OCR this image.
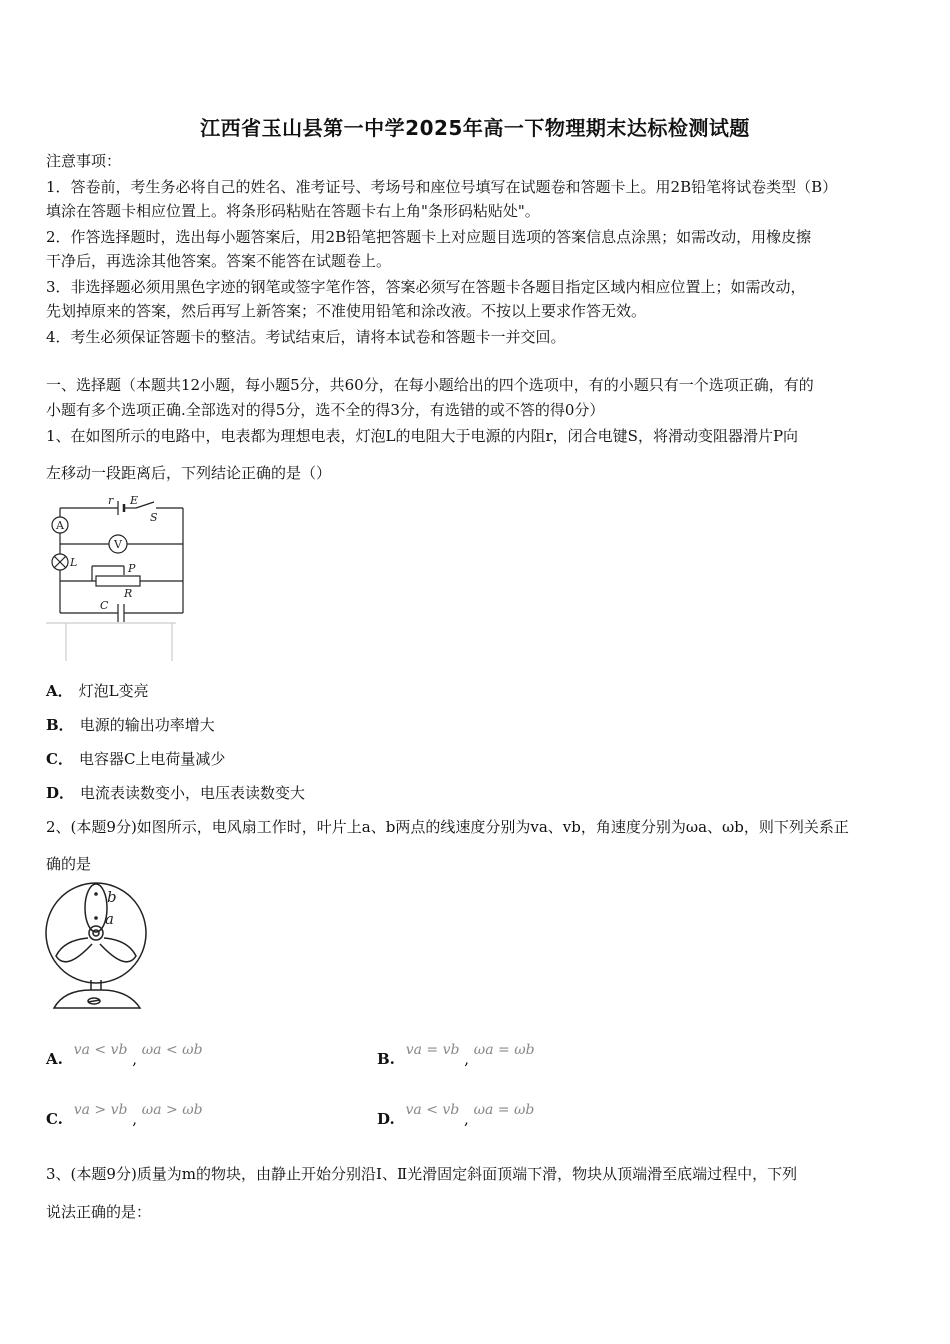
江西省玉山县第一中学2025年高一下物理期末达标检测试题
注意事项：
1．答卷前，考生务必将自己的姓名、准考证号、考场号和座位号填写在试题卷和答题卡上。用2B铅笔将试卷类型（B）
填涂在答题卡相应位置上。将条形码粘贴在答题卡右上角"条形码粘贴处"。
2．作答选择题时，选出每小题答案后，用2B铅笔把答题卡上对应题目选项的答案信息点涂黑；如需改动，用橡皮擦
干净后，再选涂其他答案。答案不能答在试题卷上。
3．非选择题必须用黑色字迹的钢笔或签字笔作答，答案必须写在答题卡各题目指定区域内相应位置上；如需改动，
先划掉原来的答案，然后再写上新答案；不准使用铅笔和涂改液。不按以上要求作答无效。
4．考生必须保证答题卡的整洁。考试结束后，请将本试卷和答题卡一并交回。
一、选择题（本题共12小题，每小题5分，共60分，在每小题给出的四个选项中，有的小题只有一个选项正确，有的
小题有多个选项正确.全部选对的得5分，选不全的得3分，有选错的或不答的得0分）
1、在如图所示的电路中，电表都为理想电表，灯泡L的电阻大于电源的内阻r，闭合电键S，将滑动变阻器滑片P向
左移动一段距离后，下列结论正确的是（）
r E
S
A
V
L	P
R
C
A． 灯泡L变亮
B． 电源的输出功率增大
C． 电容器C上电荷量减少
D． 电流表读数变小，电压表读数变大
2、(本题9分)如图所示，电风扇工作时，叶片上a、b两点的线速度分别为va、vb，角速度分别为ωa、ωb，则下列关系正
确的是
b
a
A. va < vb , ωa < ωb	B. va = vb , ωa = ωb
C. va > vb , ωa > ωb	D. va < vb , ωa = ωb
3、(本题9分)质量为m的物块，由静止开始分别沿Ⅰ、Ⅱ光滑固定斜面顶端下滑，物块从顶端滑至底端过程中，下列
说法正确的是：
